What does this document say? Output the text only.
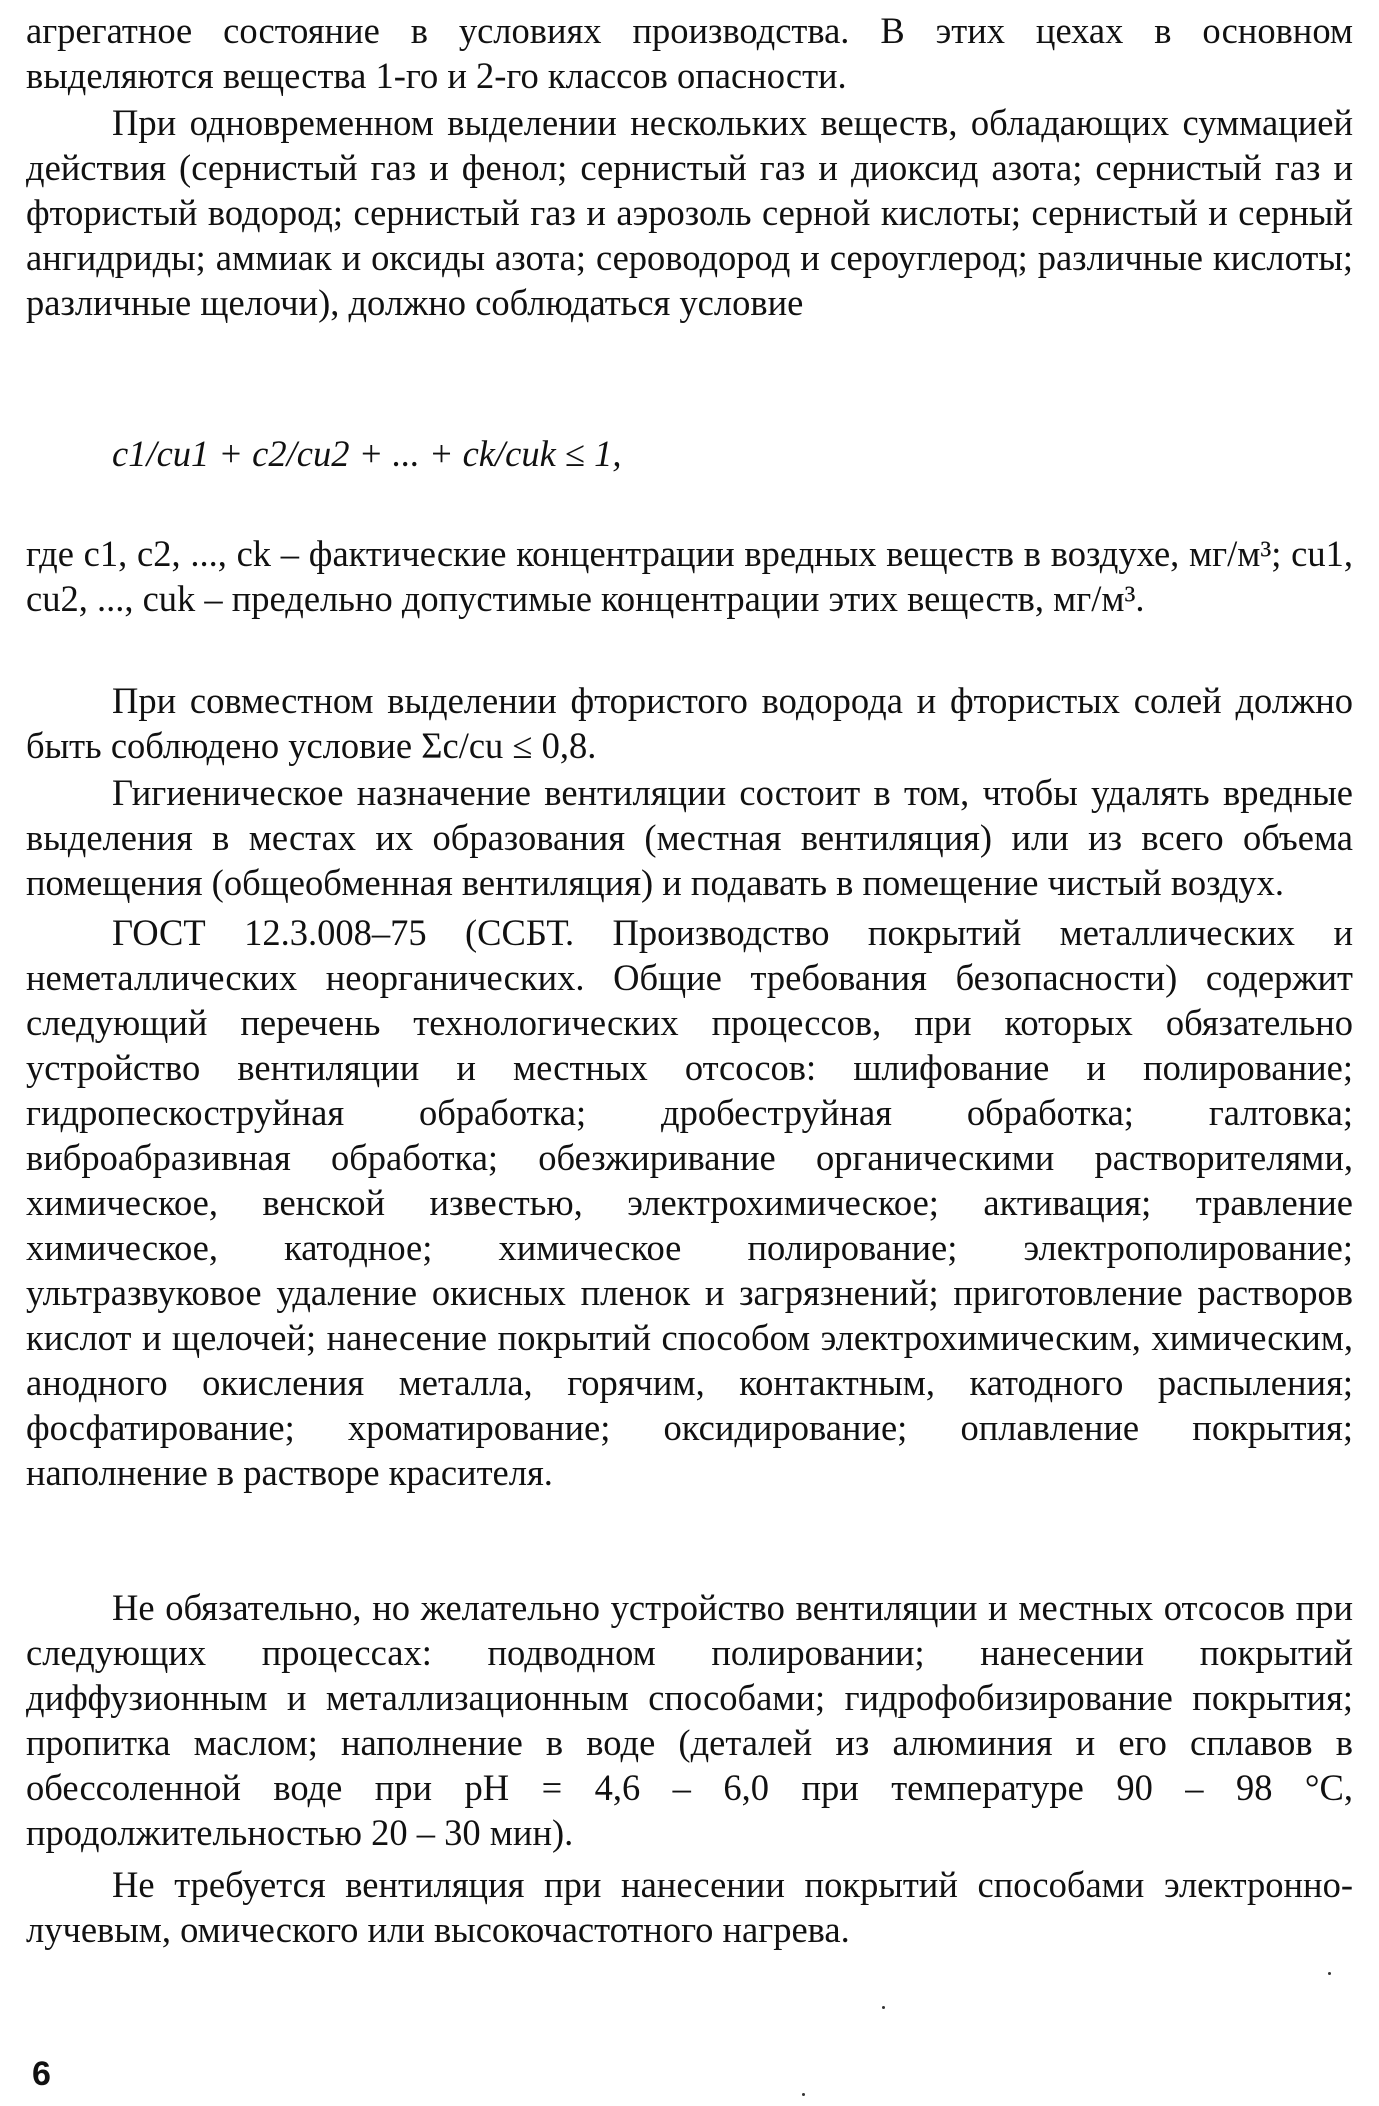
агрегатное состояние в условиях производства. В этих цехах в основном выделяются вещества 1-го и 2-го классов опасности.

При одновременном выделении нескольких веществ, обладающих суммацией действия (сернистый газ и фенол; сернистый газ и диоксид азота; сернистый газ и фтористый водород; сернистый газ и аэрозоль серной кислоты; сернистый и серный ангидриды; аммиак и оксиды азота; сероводород и сероуглерод; различные кислоты; различные щелочи), должно соблюдаться условие

c1/cu1 + c2/cu2 + ... + ck/cuk ≤ 1,

где c1, c2, ..., ck – фактические концентрации вредных веществ в воздухе, мг/м³; cu1, cu2, ..., cuk – предельно допустимые концентрации этих веществ, мг/м³.

При совместном выделении фтористого водорода и фтористых солей должно быть соблюдено условие Σc/cu ≤ 0,8.

Гигиеническое назначение вентиляции состоит в том, чтобы удалять вредные выделения в местах их образования (местная вентиляция) или из всего объема помещения (общеобменная вентиляция) и подавать в помещение чистый воздух.

ГОСТ 12.3.008–75 (ССБТ. Производство покрытий металлических и неметаллических неорганических. Общие требования безопасности) содержит следующий перечень технологических процессов, при которых обязательно устройство вентиляции и местных отсосов: шлифование и полирование; гидропескоструйная обработка; дробеструйная обработка; галтовка; виброабразивная обработка; обезжиривание органическими растворителями, химическое, венской известью, электрохимическое; активация; травление химическое, катодное; химическое полирование; электрополирование; ультразвуковое удаление окисных пленок и загрязнений; приготовление растворов кислот и щелочей; нанесение покрытий способом электрохимическим, химическим, анодного окисления металла, горячим, контактным, катодного распыления; фосфатирование; хроматирование; оксидирование; оплавление покрытия; наполнение в растворе красителя.

Не обязательно, но желательно устройство вентиляции и местных отсосов при следующих процессах: подводном полировании; нанесении покрытий диффузионным и металлизационным способами; гидрофобизирование покрытия; пропитка маслом; наполнение в воде (деталей из алюминия и его сплавов в обессоленной воде при pH = 4,6 – 6,0 при температуре 90 – 98 °С, продолжительностью 20 – 30 мин).

Не требуется вентиляция при нанесении покрытий способами электронно-лучевым, омического или высокочастотного нагрева.

6
